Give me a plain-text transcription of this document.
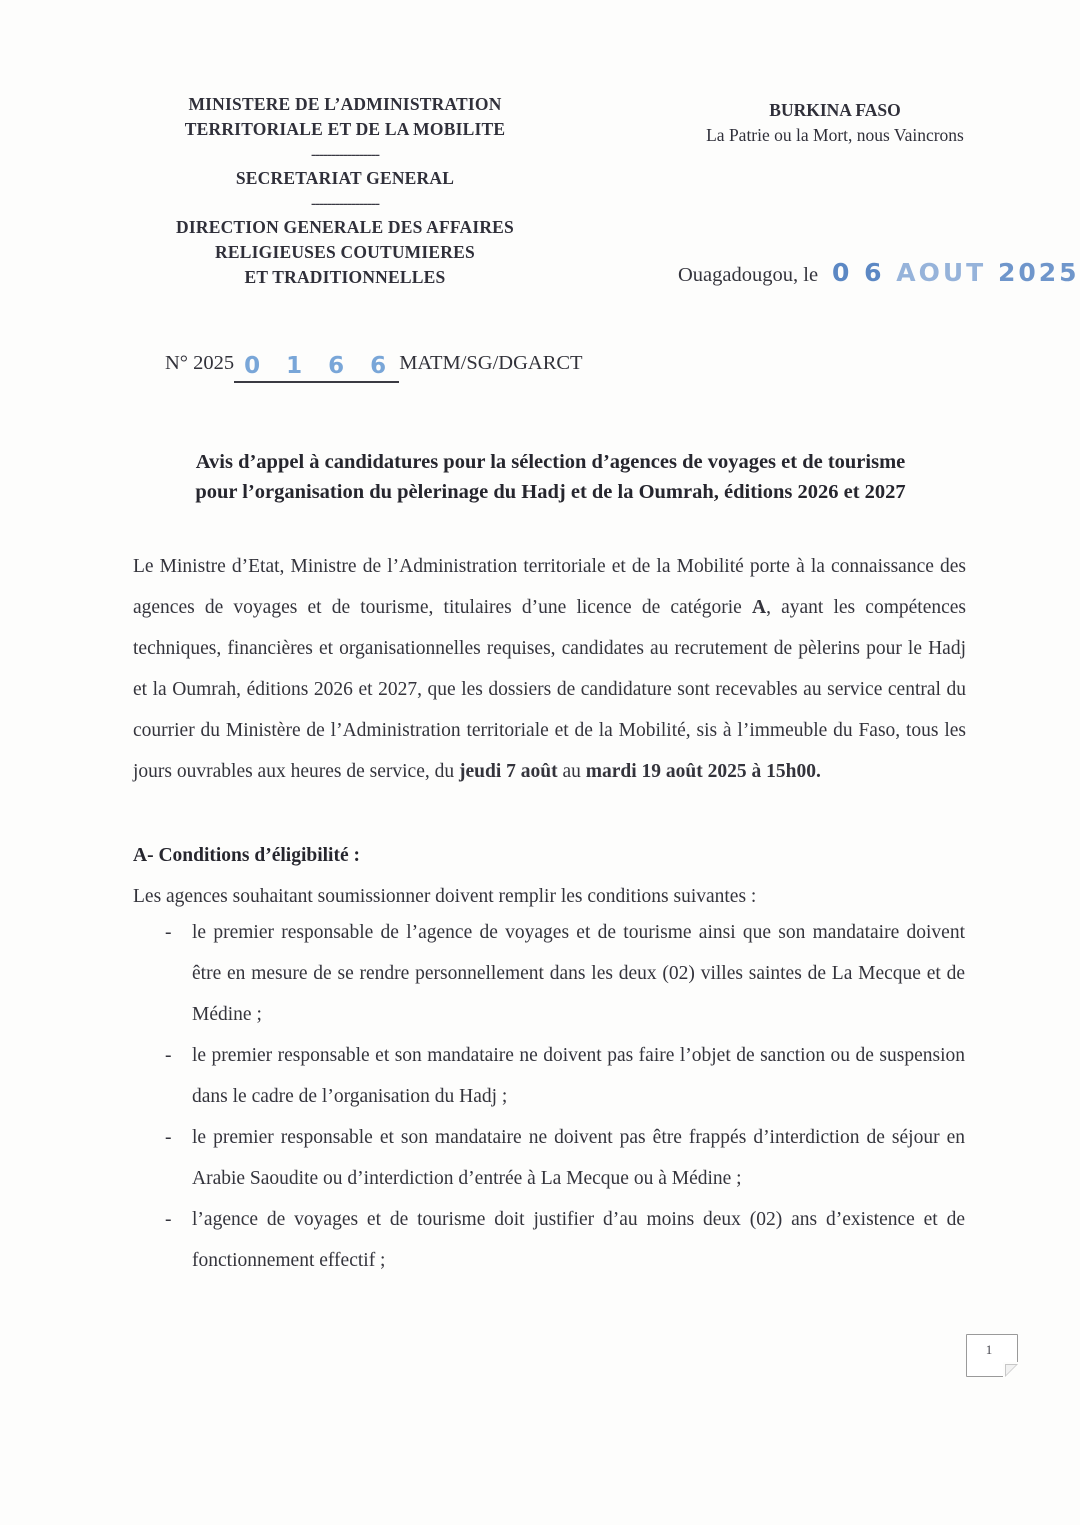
MINISTERE DE L’ADMINISTRATION
TERRITORIALE ET DE LA MOBILITE
-----------------
SECRETARIAT GENERAL
-----------------
DIRECTION GENERALE DES AFFAIRES
RELIGIEUSES COUTUMIERES
ET TRADITIONNELLES
BURKINA FASO
La Patrie ou la Mort, nous Vaincrons
Ouagadougou, le 0 6 AOUT 2025
N° 2025 0 1 6 6 MATM/SG/DGARCT
Avis d’appel à candidatures pour la sélection d’agences de voyages et de tourisme
pour l’organisation du pèlerinage du Hadj et de la Oumrah, éditions 2026 et 2027

Le Ministre d’Etat, Ministre de l’Administration territoriale et de la Mobilité porte à la connaissance des agences de voyages et de tourisme, titulaires d’une licence de catégorie A, ayant les compétences techniques, financières et organisationnelles requises, candidates au recrutement de pèlerins pour le Hadj et la Oumrah, éditions 2026 et 2027, que les dossiers de candidature sont recevables au service central du courrier du Ministère de l’Administration territoriale et de la Mobilité, sis à l’immeuble du Faso, tous les jours ouvrables aux heures de service, du jeudi 7 août au mardi 19 août 2025 à 15h00.

A- Conditions d’éligibilité :
Les agences souhaitant soumissionner doivent remplir les conditions suivantes :
- le premier responsable de l’agence de voyages et de tourisme ainsi que son mandataire doivent être en mesure de se rendre personnellement dans les deux (02) villes saintes de La Mecque et de Médine ;
- le premier responsable et son mandataire ne doivent pas faire l’objet de sanction ou de suspension dans le cadre de l’organisation du Hadj ;
- le premier responsable et son mandataire ne doivent pas être frappés d’interdiction de séjour en Arabie Saoudite ou d’interdiction d’entrée à La Mecque ou à Médine ;
- l’agence de voyages et de tourisme doit justifier d’au moins deux (02) ans d’existence et de fonctionnement effectif ;
1
